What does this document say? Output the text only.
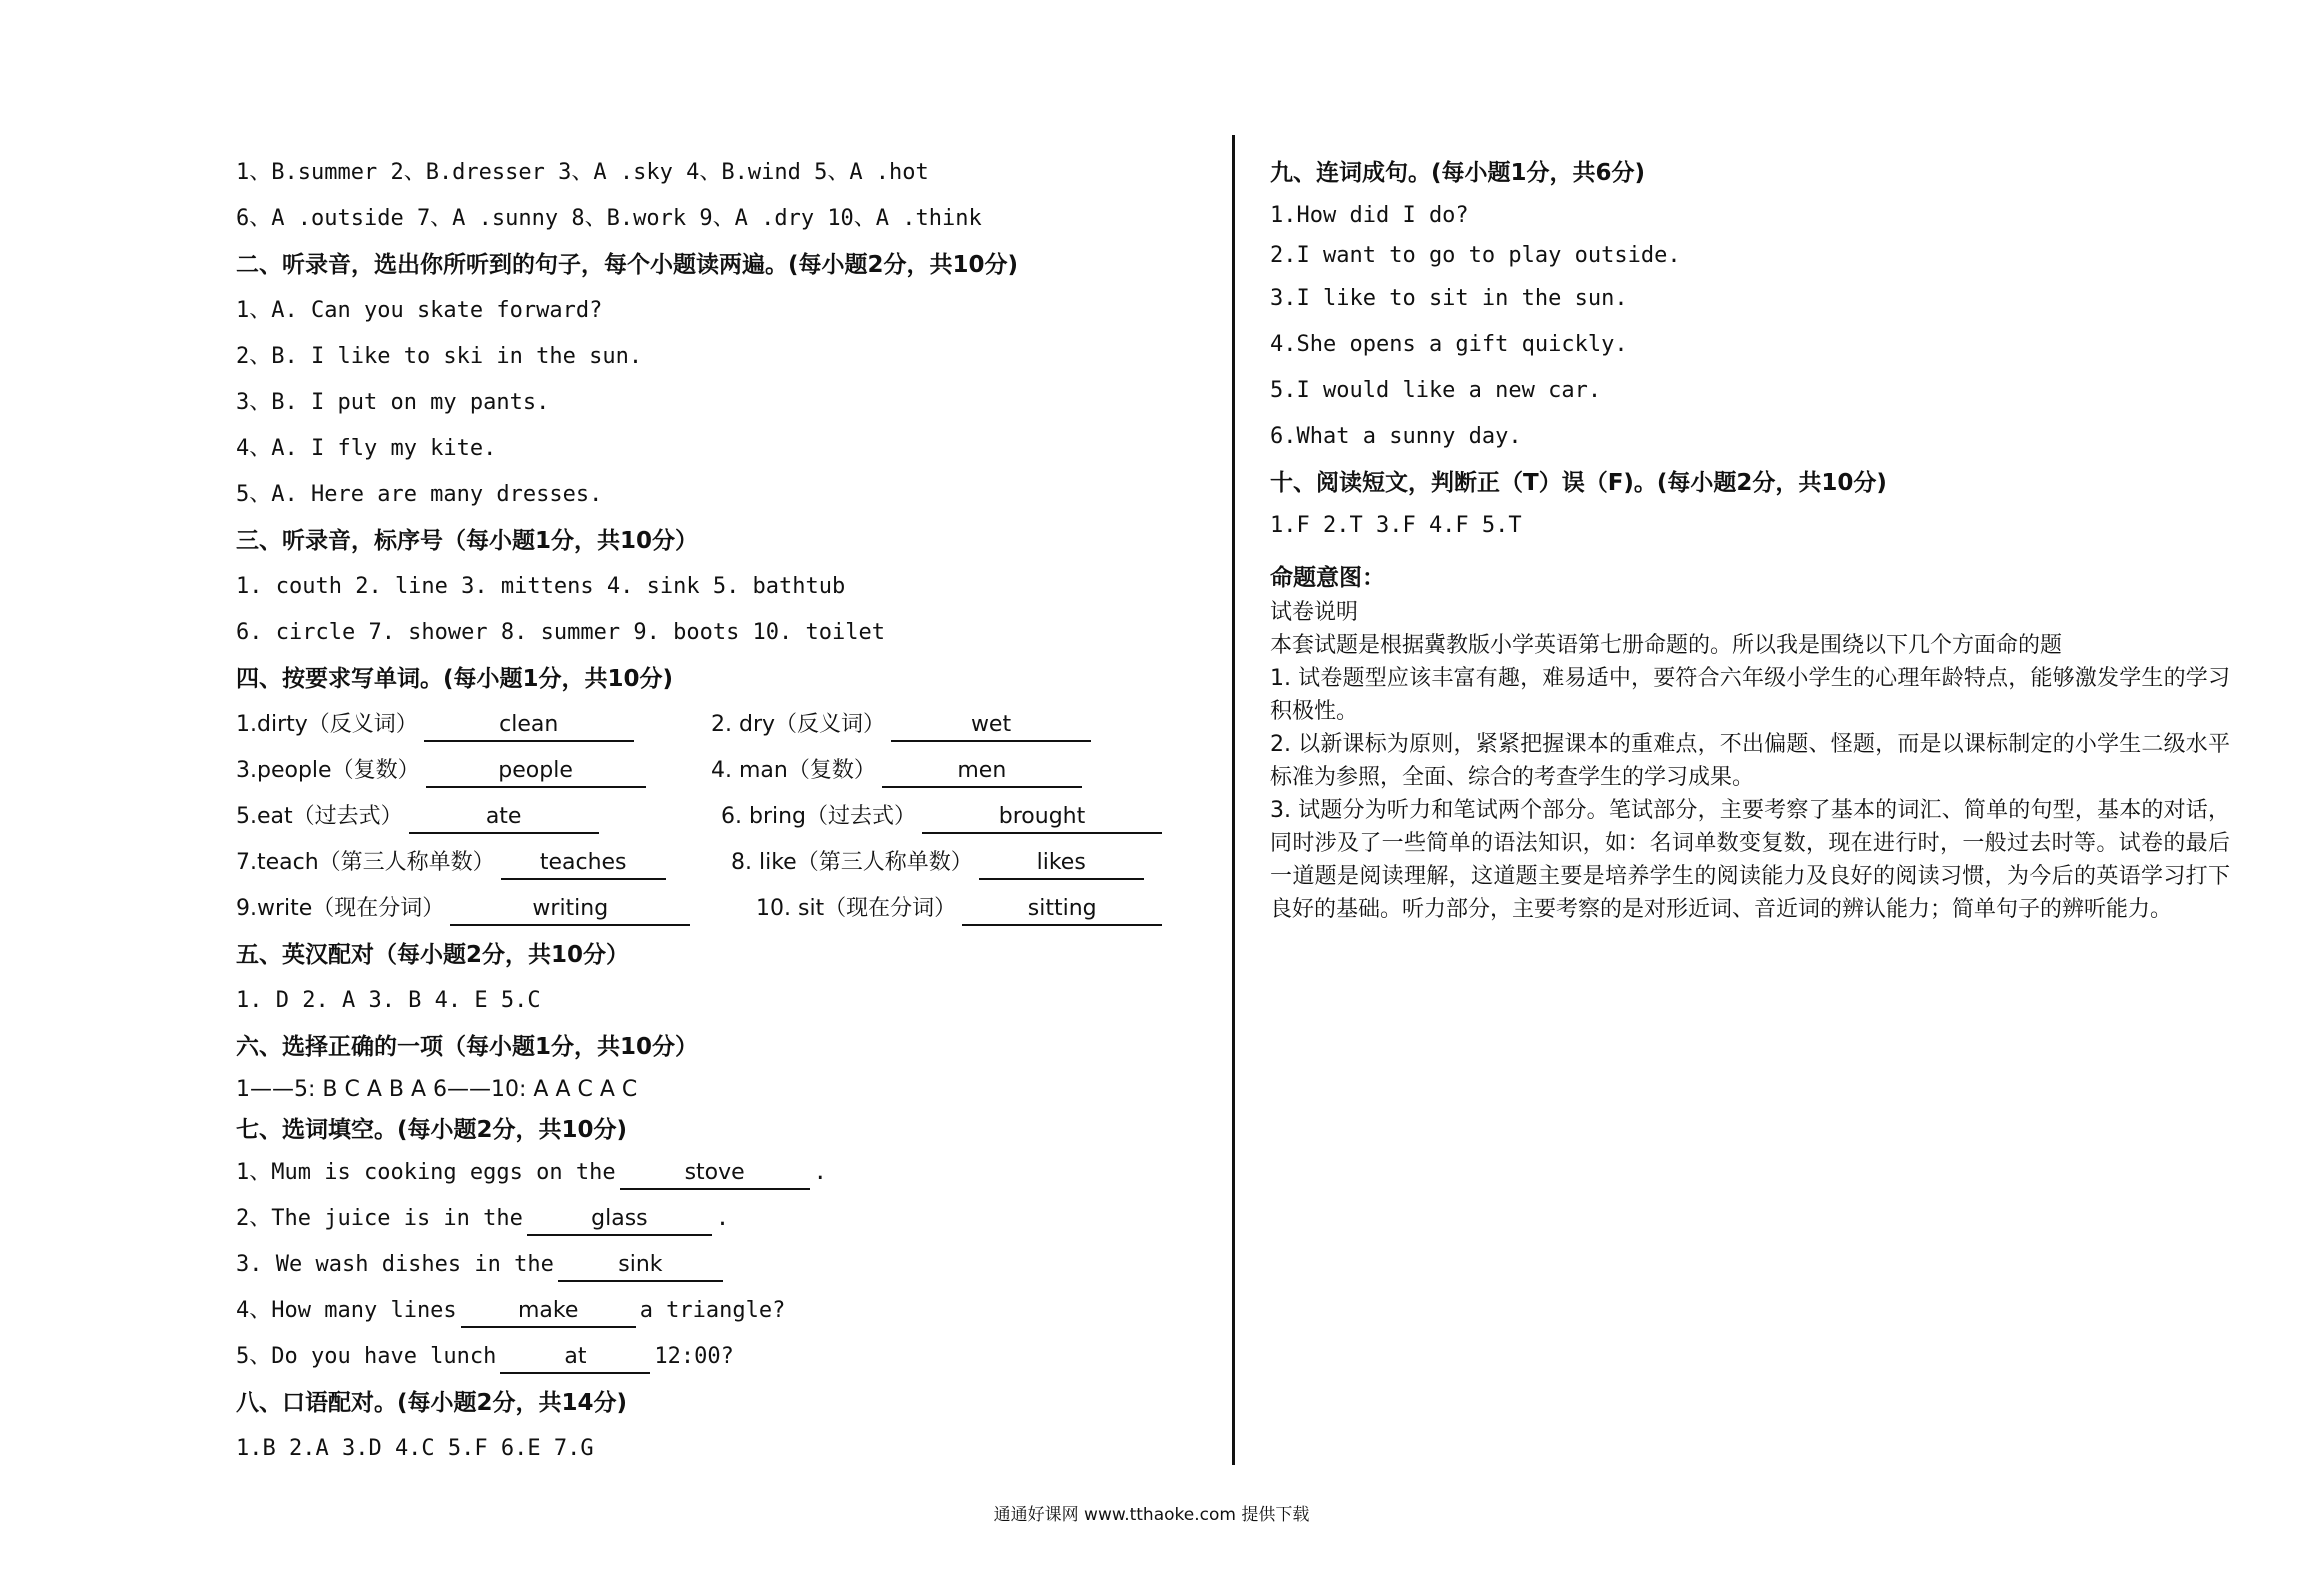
1、B.summer 2、B.dresser 3、A .sky 4、B.wind 5、A .hot
6、A .outside 7、A .sunny 8、B.work 9、A .dry 10、A .think
二、听录音，选出你所听到的句子，每个小题读两遍。(每小题2分，共10分)
1、A. Can you skate forward?
2、B. I like to ski in the sun.
3、B. I put on my pants.
4、A. I fly my kite.
5、A. Here are many dresses.
三、听录音，标序号（每小题1分，共10分）
1. couth 2. line 3. mittens 4. sink 5. bathtub
6. circle 7. shower 8. summer 9. boots 10. toilet
四、按要求写单词。(每小题1分，共10分)
1.dirty（反义词）	clean	2. dry（反义词）	wet
3.people（复数）	people	4. man（复数）	men
5.eat（过去式）	ate	6. bring（过去式）	brought
7.teach（第三人称单数）	teaches	8. like（第三人称单数）	likes
9.write（现在分词）	writing	10. sit（现在分词）	sitting
五、英汉配对（每小题2分，共10分）
1. D 2. A 3. B 4. E 5.C
六、选择正确的一项（每小题1分，共10分）
1——5: B C A B A 6——10: A A C A C
七、选词填空。(每小题2分，共10分)
1、Mum is cooking eggs on the	stove	.
2、The juice is in the	glass	.
3. We wash dishes in the	sink
4、How many lines	make	a triangle?
5、Do you have lunch	at	12:00?
八、口语配对。(每小题2分，共14分)
1.B 2.A 3.D 4.C 5.F 6.E 7.G
九、连词成句。(每小题1分，共6分)
1.How did I do?
2.I want to go to play outside.
3.I like to sit in the sun.
4.She opens a gift quickly.
5.I would like a new car.
6.What a sunny day.
十、阅读短文，判断正（T）误（F)。(每小题2分，共10分)
1.F 2.T 3.F 4.F 5.T
命题意图：
试卷说明
本套试题是根据冀教版小学英语第七册命题的。所以我是围绕以下几个方面命的题
1. 试卷题型应该丰富有趣，难易适中，要符合六年级小学生的心理年龄特点，能够激发学生的学习积极性。
2. 以新课标为原则，紧紧把握课本的重难点，不出偏题、怪题，而是以课标制定的小学生二级水平标准为参照，全面、综合的考查学生的学习成果。
3. 试题分为听力和笔试两个部分。笔试部分，主要考察了基本的词汇、简单的句型，基本的对话，同时涉及了一些简单的语法知识，如：名词单数变复数，现在进行时，一般过去时等。试卷的最后一道题是阅读理解，这道题主要是培养学生的阅读能力及良好的阅读习惯，为今后的英语学习打下良好的基础。听力部分，主要考察的是对形近词、音近词的辨认能力；简单句子的辨听能力。
通通好课网 www.tthaoke.com 提供下载
